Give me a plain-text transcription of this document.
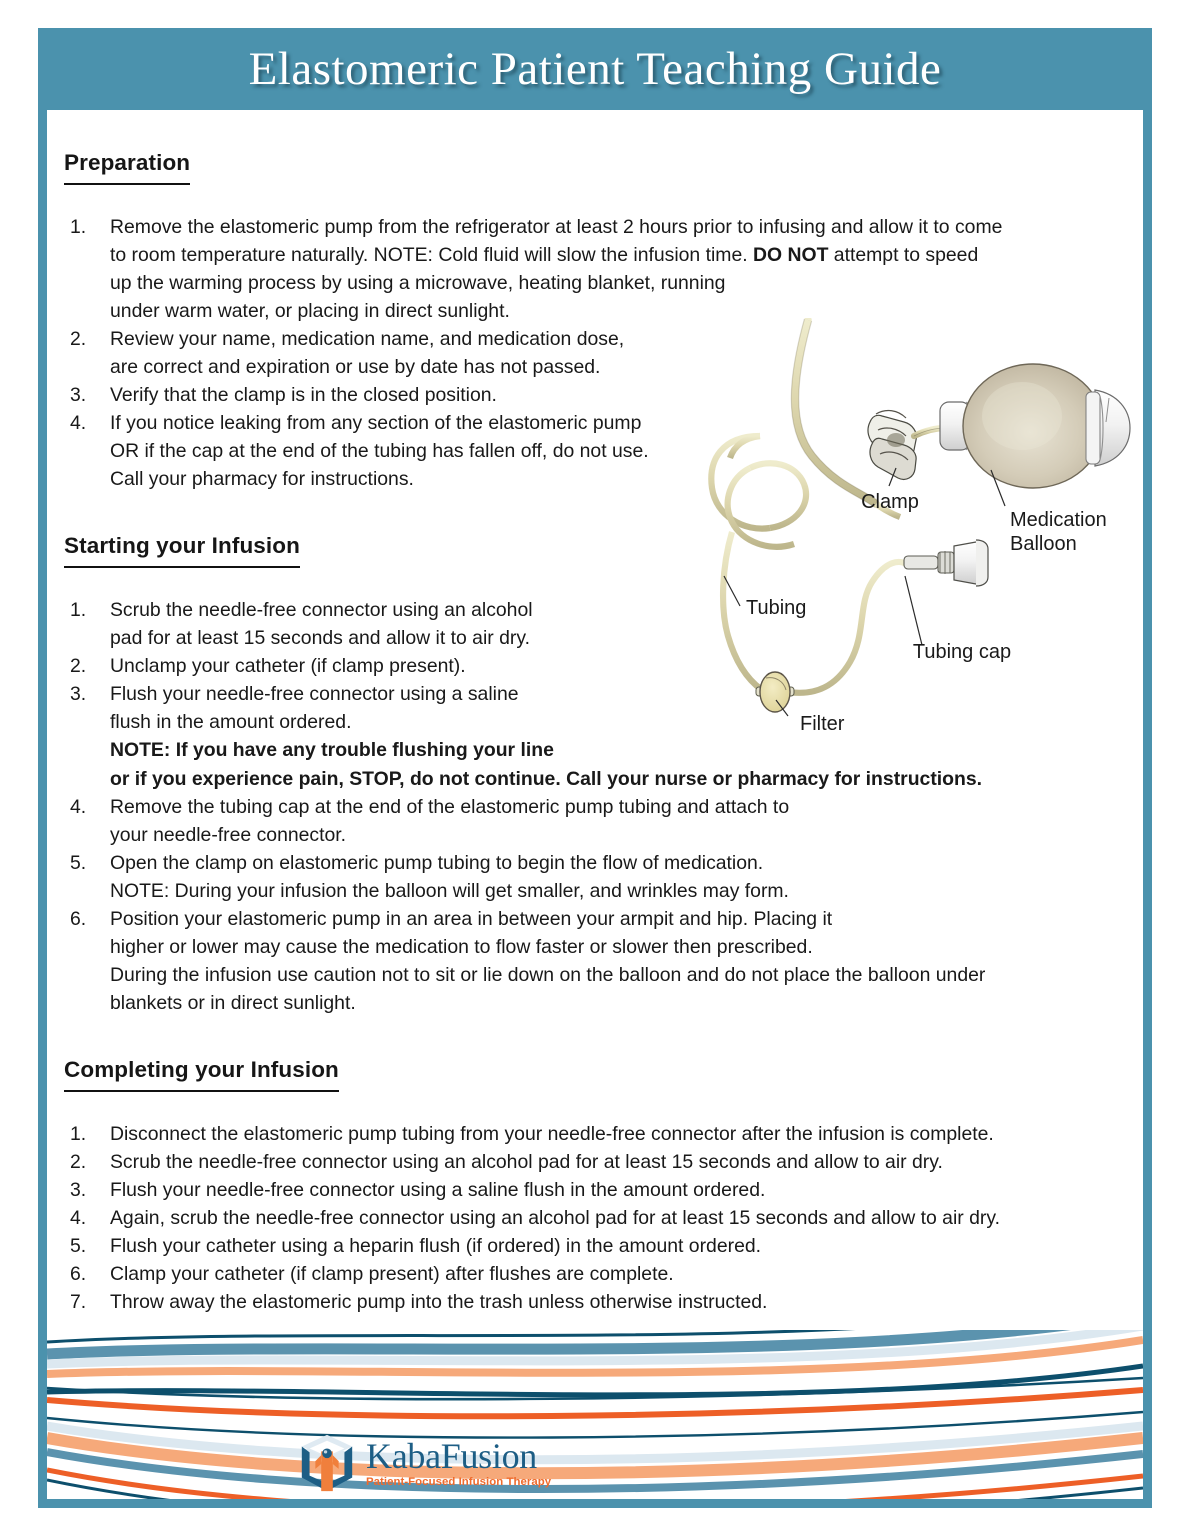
Elastomeric Patient Teaching Guide
Preparation
1.	Remove the elastomeric pump from the refrigerator at least 2 hours prior to infusing and allow it to come
to room temperature naturally. NOTE: Cold fluid will slow the infusion time. DO NOT attempt to speed
up the warming process by using a microwave, heating blanket, running
under warm water, or placing in direct sunlight.
2.	Review your name, medication name, and medication dose,
are correct and expiration or use by date has not passed.
3.	Verify that the clamp is in the closed position.
4.	If you notice leaking from any section of the elastomeric pump
OR if the cap at the end of the tubing has fallen off, do not use.
Call your pharmacy for instructions.
Starting your Infusion
1.	Scrub the needle-free connector using an alcohol
pad for at least 15 seconds and allow it to air dry.
2.	Unclamp your catheter (if clamp present).
3.	Flush your needle-free connector using a saline
flush in the amount ordered.
NOTE: If you have any trouble flushing your line
or if you experience pain, STOP, do not continue. Call your nurse or pharmacy for instructions.
4.	Remove the tubing cap at the end of the elastomeric pump tubing and attach to
your needle-free connector.
5.	Open the clamp on elastomeric pump tubing to begin the flow of medication.
NOTE: During your infusion the balloon will get smaller, and wrinkles may form.
6.	Position your elastomeric pump in an area in between your armpit and hip. Placing it
higher or lower may cause the medication to flow faster or slower then prescribed.
During the infusion use caution not to sit or lie down on the balloon and do not place the balloon under
blankets or in direct sunlight.
Completing your Infusion
1.	Disconnect the elastomeric pump tubing from your needle-free connector after the infusion is complete.
2.	Scrub the needle-free connector using an alcohol pad for at least 15 seconds and allow to air dry.
3.	Flush your needle-free connector using a saline flush in the amount ordered.
4.	Again, scrub the needle-free connector using an alcohol pad for at least 15 seconds and allow to air dry.
5.	Flush your catheter using a heparin flush (if ordered) in the amount ordered.
6.	Clamp your catheter (if clamp present) after flushes are complete.
7.	Throw away the elastomeric pump into the trash unless otherwise instructed.
Clamp
Medication
Balloon
Tubing
Tubing cap
Filter
KabaFusion
Patient-Focused Infusion Therapy
